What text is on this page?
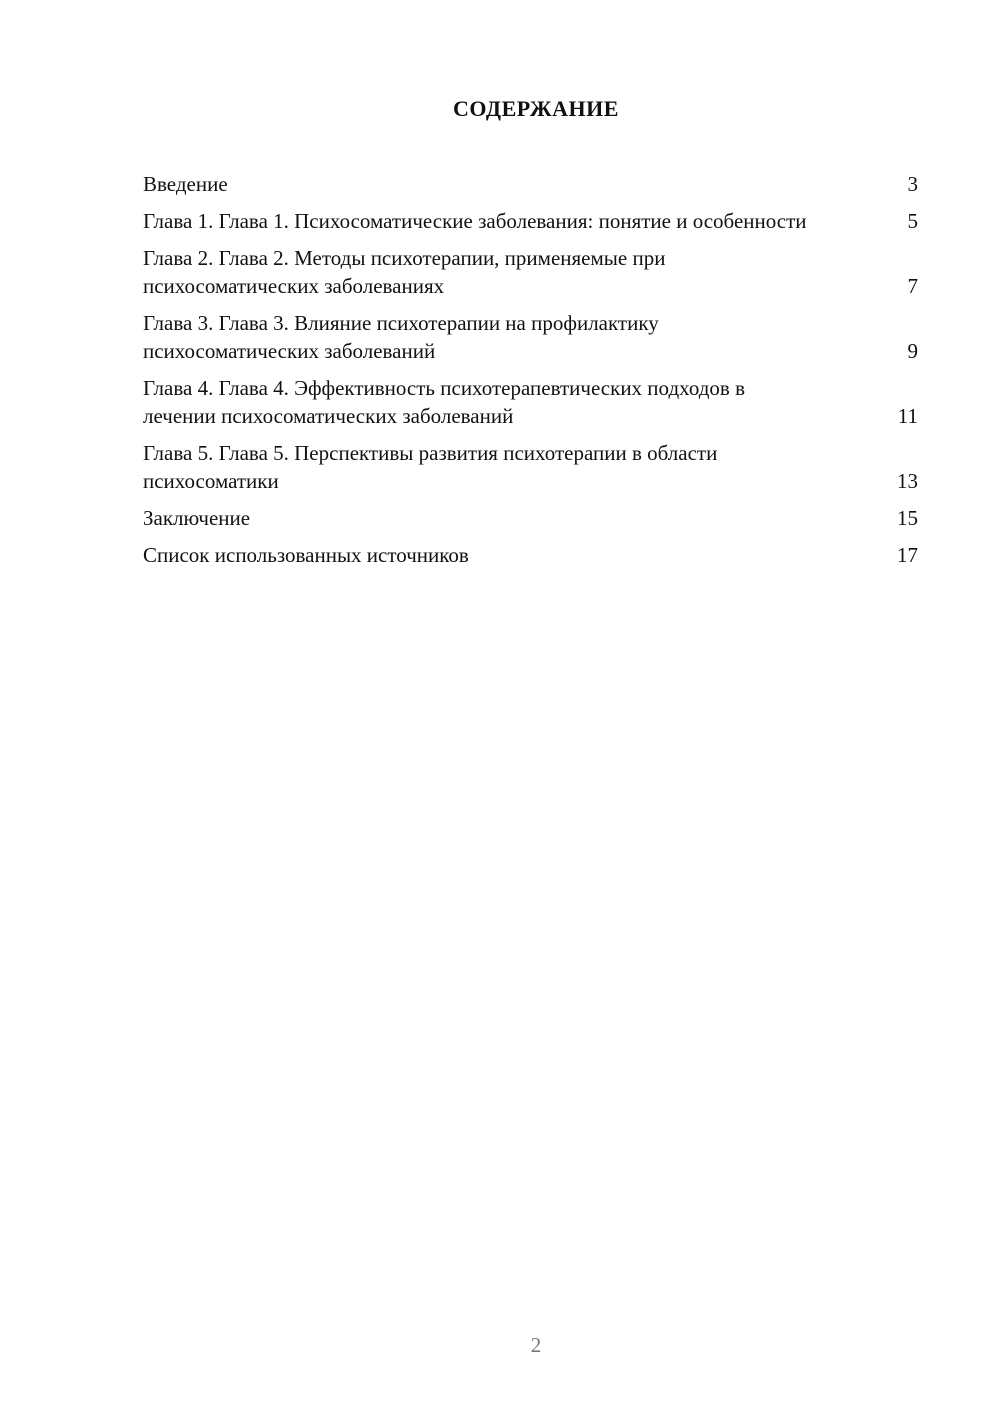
СОДЕРЖАНИЕ
Введение	3
Глава 1. Глава 1. Психосоматические заболевания: понятие и особенности	5
Глава 2. Глава 2. Методы психотерапии, применяемые при психосоматических заболеваниях	7
Глава 3. Глава 3. Влияние психотерапии на профилактику психосоматических заболеваний	9
Глава 4. Глава 4. Эффективность психотерапевтических подходов в лечении психосоматических заболеваний	11
Глава 5. Глава 5. Перспективы развития психотерапии в области психосоматики	13
Заключение	15
Список использованных источников	17
2
